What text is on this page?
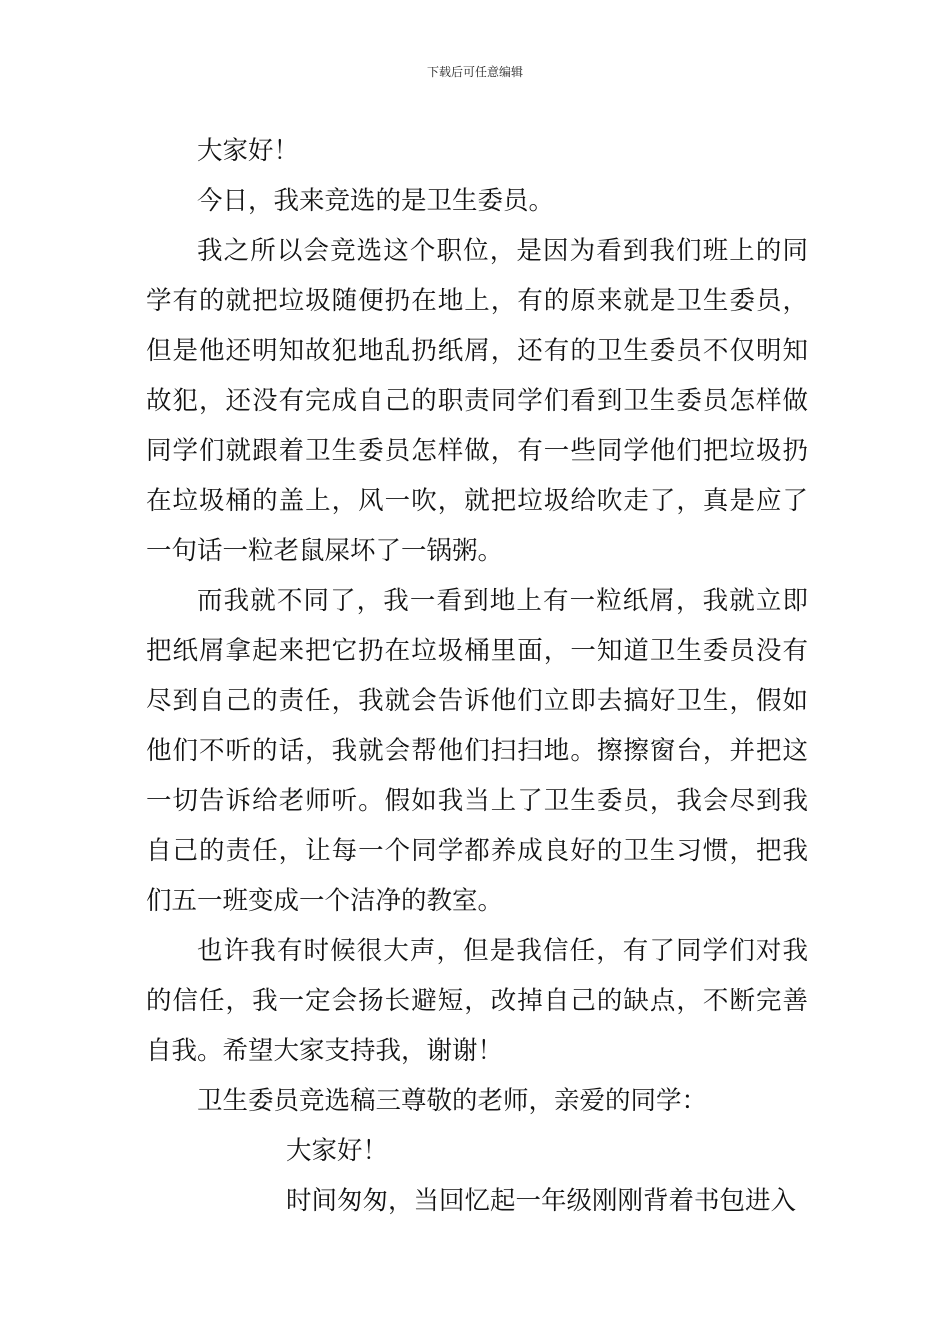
下载后可任意编辑

大家好！

今日，我来竞选的是卫生委员。

我之所以会竞选这个职位，是因为看到我们班上的同学有的就把垃圾随便扔在地上，有的原来就是卫生委员，但是他还明知故犯地乱扔纸屑，还有的卫生委员不仅明知故犯，还没有完成自己的职责同学们看到卫生委员怎样做同学们就跟着卫生委员怎样做，有一些同学他们把垃圾扔在垃圾桶的盖上，风一吹，就把垃圾给吹走了，真是应了一句话一粒老鼠屎坏了一锅粥。

而我就不同了，我一看到地上有一粒纸屑，我就立即把纸屑拿起来把它扔在垃圾桶里面，一知道卫生委员没有尽到自己的责任，我就会告诉他们立即去搞好卫生，假如他们不听的话，我就会帮他们扫扫地。擦擦窗台，并把这一切告诉给老师听。假如我当上了卫生委员，我会尽到我自己的责任，让每一个同学都养成良好的卫生习惯，把我们五一班变成一个洁净的教室。

也许我有时候很大声，但是我信任，有了同学们对我的信任，我一定会扬长避短，改掉自己的缺点，不断完善自我。希望大家支持我，谢谢！

卫生委员竞选稿三尊敬的老师，亲爱的同学：

大家好！

时间匆匆，当回忆起一年级刚刚背着书包进入
